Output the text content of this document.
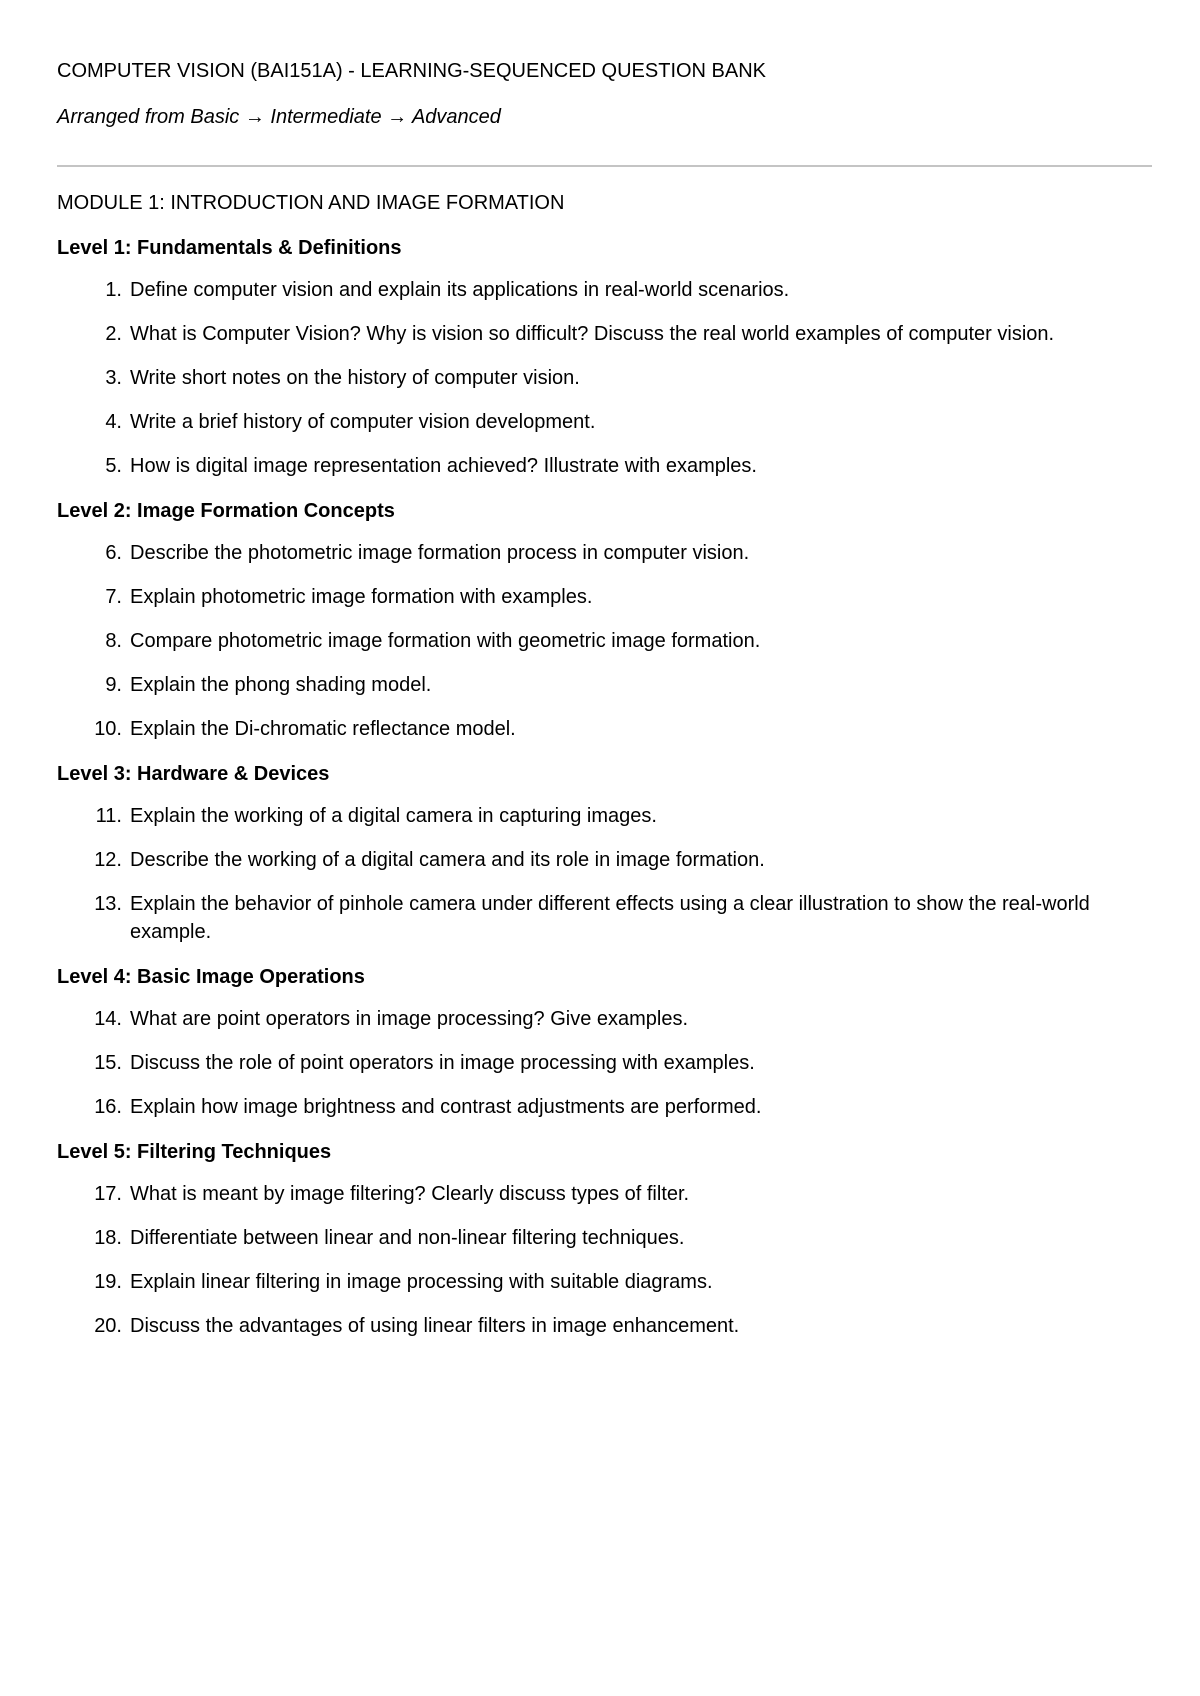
COMPUTER VISION (BAI151A) - LEARNING-SEQUENCED QUESTION BANK

Arranged from Basic → Intermediate → Advanced

MODULE 1: INTRODUCTION AND IMAGE FORMATION
Level 1: Fundamentals & Definitions
1. Define computer vision and explain its applications in real-world scenarios.
2. What is Computer Vision? Why is vision so difficult? Discuss the real world examples of computer vision.
3. Write short notes on the history of computer vision.
4. Write a brief history of computer vision development.
5. How is digital image representation achieved? Illustrate with examples.
Level 2: Image Formation Concepts
6. Describe the photometric image formation process in computer vision.
7. Explain photometric image formation with examples.
8. Compare photometric image formation with geometric image formation.
9. Explain the phong shading model.
10. Explain the Di-chromatic reflectance model.
Level 3: Hardware & Devices
11. Explain the working of a digital camera in capturing images.
12. Describe the working of a digital camera and its role in image formation.
13. Explain the behavior of pinhole camera under different effects using a clear illustration to show the real-world example.
Level 4: Basic Image Operations
14. What are point operators in image processing? Give examples.
15. Discuss the role of point operators in image processing with examples.
16. Explain how image brightness and contrast adjustments are performed.
Level 5: Filtering Techniques
17. What is meant by image filtering? Clearly discuss types of filter.
18. Differentiate between linear and non-linear filtering techniques.
19. Explain linear filtering in image processing with suitable diagrams.
20. Discuss the advantages of using linear filters in image enhancement.
